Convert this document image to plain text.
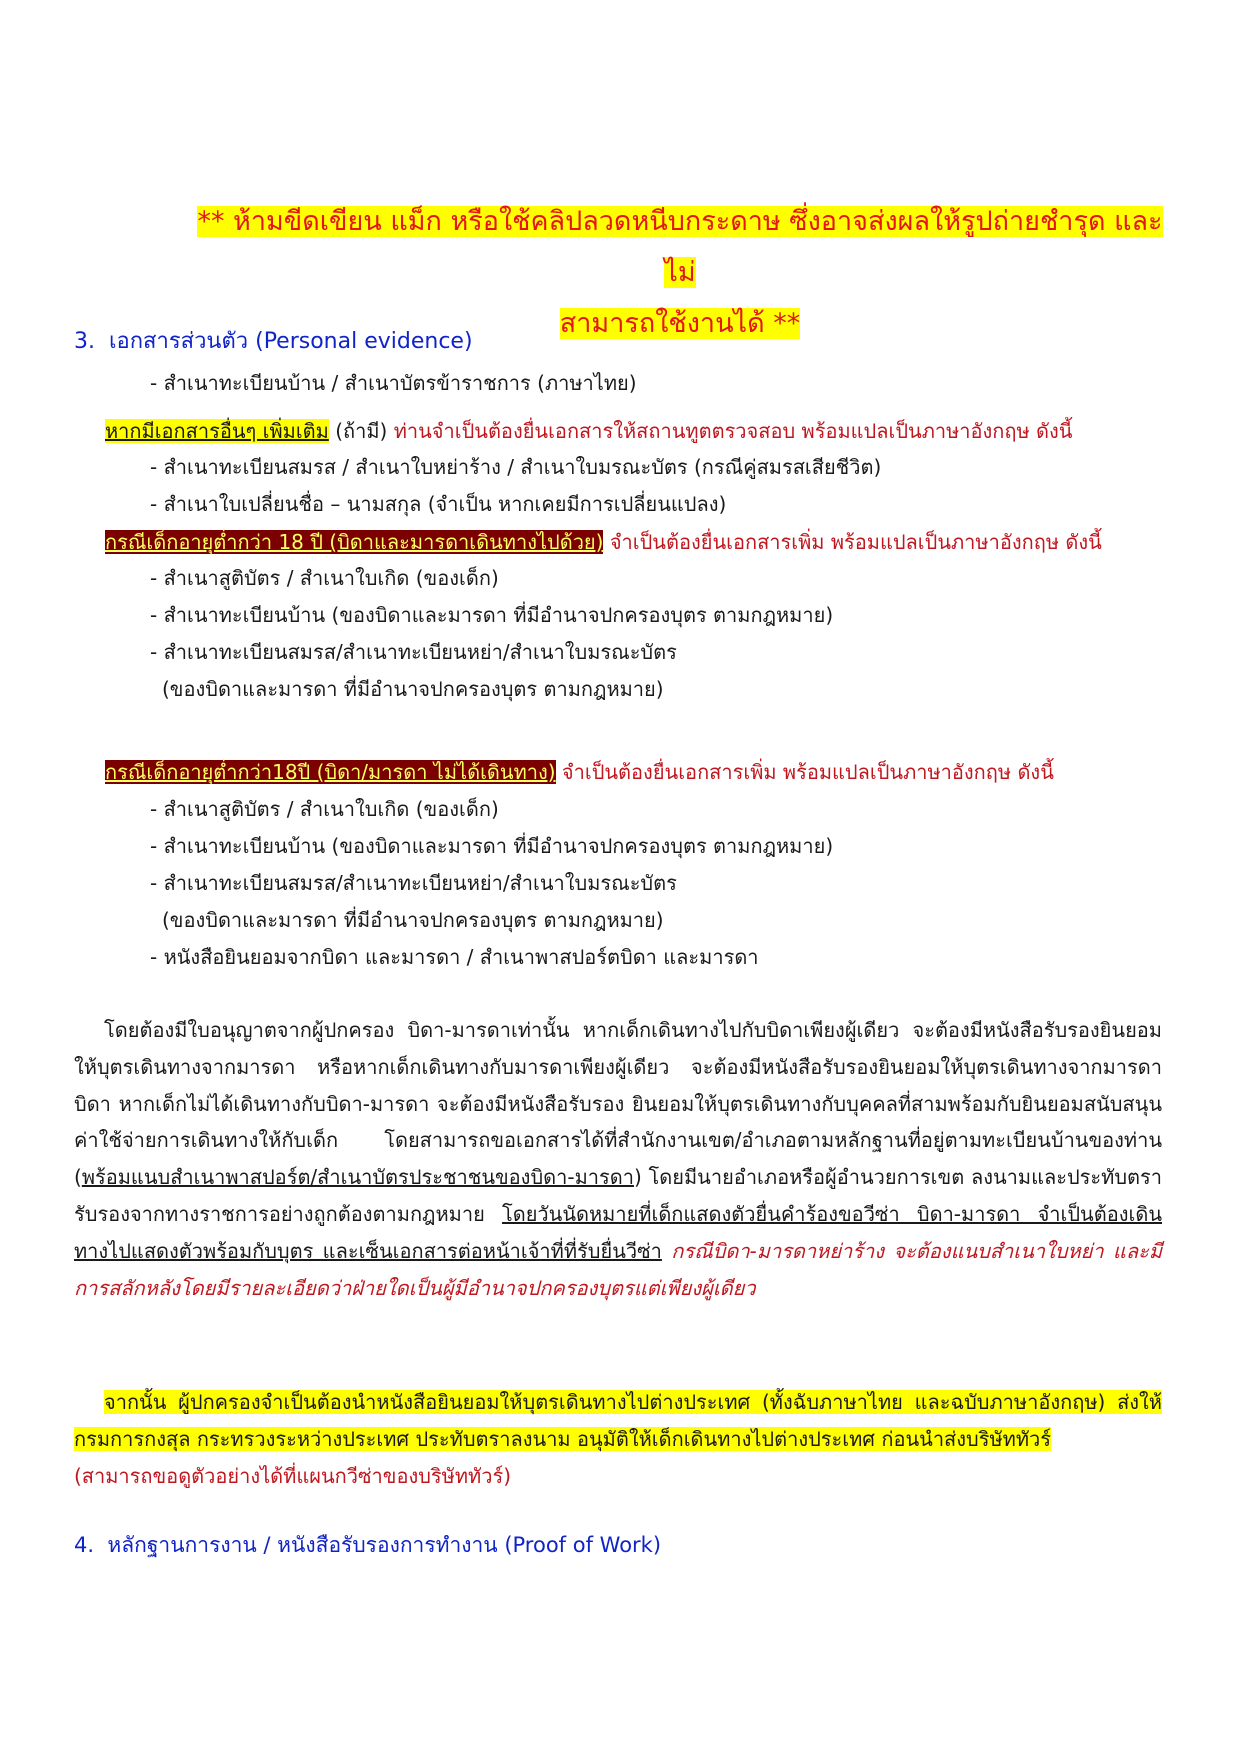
** ห้ามขีดเขียน แม็ก หรือใช้คลิปลวดหนีบกระดาษ ซึ่งอาจส่งผลให้รูปถ่ายชำรุด และไม่
สามารถใช้งานได้ **
3. เอกสารส่วนตัว (Personal evidence)
- สำเนาทะเบียนบ้าน / สำเนาบัตรข้าราชการ (ภาษาไทย)
หากมีเอกสารอื่นๆ เพิ่มเติม (ถ้ามี) ท่านจำเป็นต้องยื่นเอกสารให้สถานทูตตรวจสอบ พร้อมแปลเป็นภาษาอังกฤษ ดังนี้
- สำเนาทะเบียนสมรส / สำเนาใบหย่าร้าง / สำเนาใบมรณะบัตร (กรณีคู่สมรสเสียชีวิต)
- สำเนาใบเปลี่ยนชื่อ – นามสกุล (จำเป็น หากเคยมีการเปลี่ยนแปลง)
กรณีเด็กอายุต่ำกว่า 18 ปี (บิดาและมารดาเดินทางไปด้วย) จำเป็นต้องยื่นเอกสารเพิ่ม พร้อมแปลเป็นภาษาอังกฤษ ดังนี้
- สำเนาสูติบัตร / สำเนาใบเกิด (ของเด็ก)
- สำเนาทะเบียนบ้าน (ของบิดาและมารดา ที่มีอำนาจปกครองบุตร ตามกฎหมาย)
- สำเนาทะเบียนสมรส/สำเนาทะเบียนหย่า/สำเนาใบมรณะบัตร
(ของบิดาและมารดา ที่มีอำนาจปกครองบุตร ตามกฎหมาย)
กรณีเด็กอายุต่ำกว่า18ปี (บิดา/มารดา ไม่ได้เดินทาง) จำเป็นต้องยื่นเอกสารเพิ่ม พร้อมแปลเป็นภาษาอังกฤษ ดังนี้
- สำเนาสูติบัตร / สำเนาใบเกิด (ของเด็ก)
- สำเนาทะเบียนบ้าน (ของบิดาและมารดา ที่มีอำนาจปกครองบุตร ตามกฎหมาย)
- สำเนาทะเบียนสมรส/สำเนาทะเบียนหย่า/สำเนาใบมรณะบัตร
(ของบิดาและมารดา ที่มีอำนาจปกครองบุตร ตามกฎหมาย)
- หนังสือยินยอมจากบิดา และมารดา / สำเนาพาสปอร์ตบิดา และมารดา
โดยต้องมีใบอนุญาตจากผู้ปกครอง บิดา-มารดาเท่านั้น หากเด็กเดินทางไปกับบิดาเพียงผู้เดียว จะต้องมีหนังสือรับรองยินยอมให้บุตรเดินทางจากมารดา หรือหากเด็กเดินทางกับมารดาเพียงผู้เดียว จะต้องมีหนังสือรับรองยินยอมให้บุตรเดินทางจากมารดาบิดา หากเด็กไม่ได้เดินทางกับบิดา-มารดา จะต้องมีหนังสือรับรอง ยินยอมให้บุตรเดินทางกับบุคคลที่สามพร้อมกับยินยอมสนับสนุนค่าใช้จ่ายการเดินทางให้กับเด็ก โดยสามารถขอเอกสารได้ที่สำนักงานเขต/อำเภอตามหลักฐานที่อยู่ตามทะเบียนบ้านของท่าน (พร้อมแนบสำเนาพาสปอร์ต/สำเนาบัตรประชาชนของบิดา-มารดา) โดยมีนายอำเภอหรือผู้อำนวยการเขต ลงนามและประทับตรารับรองจากทางราชการอย่างถูกต้องตามกฎหมาย โดยวันนัดหมายที่เด็กแสดงตัวยื่นคำร้องขอวีซ่า บิดา-มารดา จำเป็นต้องเดินทางไปแสดงตัวพร้อมกับบุตร และเซ็นเอกสารต่อหน้าเจ้าที่ที่รับยื่นวีซ่า กรณีบิดา-มารดาหย่าร้าง จะต้องแนบสำเนาใบหย่า และมีการสลักหลังโดยมีรายละเอียดว่าฝ่ายใดเป็นผู้มีอำนาจปกครองบุตรแต่เพียงผู้เดียว
จากนั้น ผู้ปกครองจำเป็นต้องนำหนังสือยินยอมให้บุตรเดินทางไปต่างประเทศ (ทั้งฉับภาษาไทย และฉบับภาษาอังกฤษ) ส่งให้กรมการกงสุล กระทรวงระหว่างประเทศ ประทับตราลงนาม อนุมัติให้เด็กเดินทางไปต่างประเทศ ก่อนนำส่งบริษัททัวร์
(สามารถขอดูตัวอย่างได้ที่แผนกวีซ่าของบริษัททัวร์)
4. หลักฐานการงาน / หนังสือรับรองการทำงาน (Proof of Work)
